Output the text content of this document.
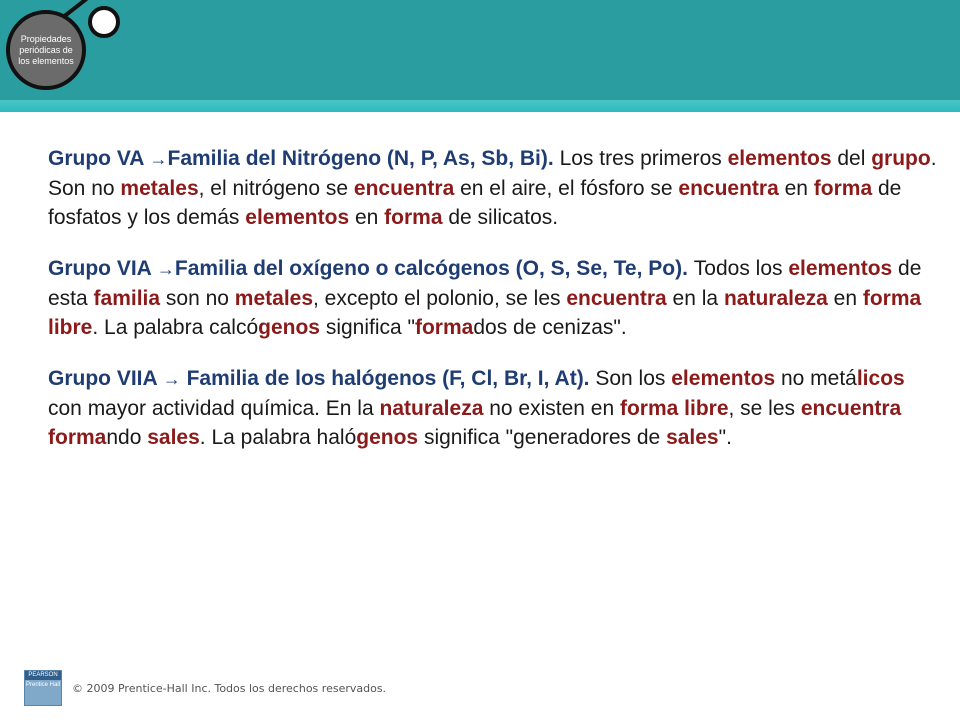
Propiedades
periódicas de
los elementos

Grupo VA →Familia del Nitrógeno (N, P, As, Sb, Bi). Los tres primeros elementos del grupo. Son no metales, el nitrógeno se encuentra en el aire, el fósforo se encuentra en forma de fosfatos y los demás elementos en forma de silicatos.

Grupo VIA →Familia del oxígeno o calcógenos (O, S, Se, Te, Po). Todos los elementos de esta familia son no metales, excepto el polonio, se les encuentra en la naturaleza en forma libre. La palabra calcógenos significa "formados de cenizas".

Grupo VIIA → Familia de los halógenos (F, Cl, Br, I, At). Son los elementos no metálicos con mayor actividad química. En la naturaleza no existen en forma libre, se les encuentra formando sales. La palabra halógenos significa "generadores de sales".

PEARSON
Prentice Hall © 2009 Prentice-Hall Inc. Todos los derechos reservados.
